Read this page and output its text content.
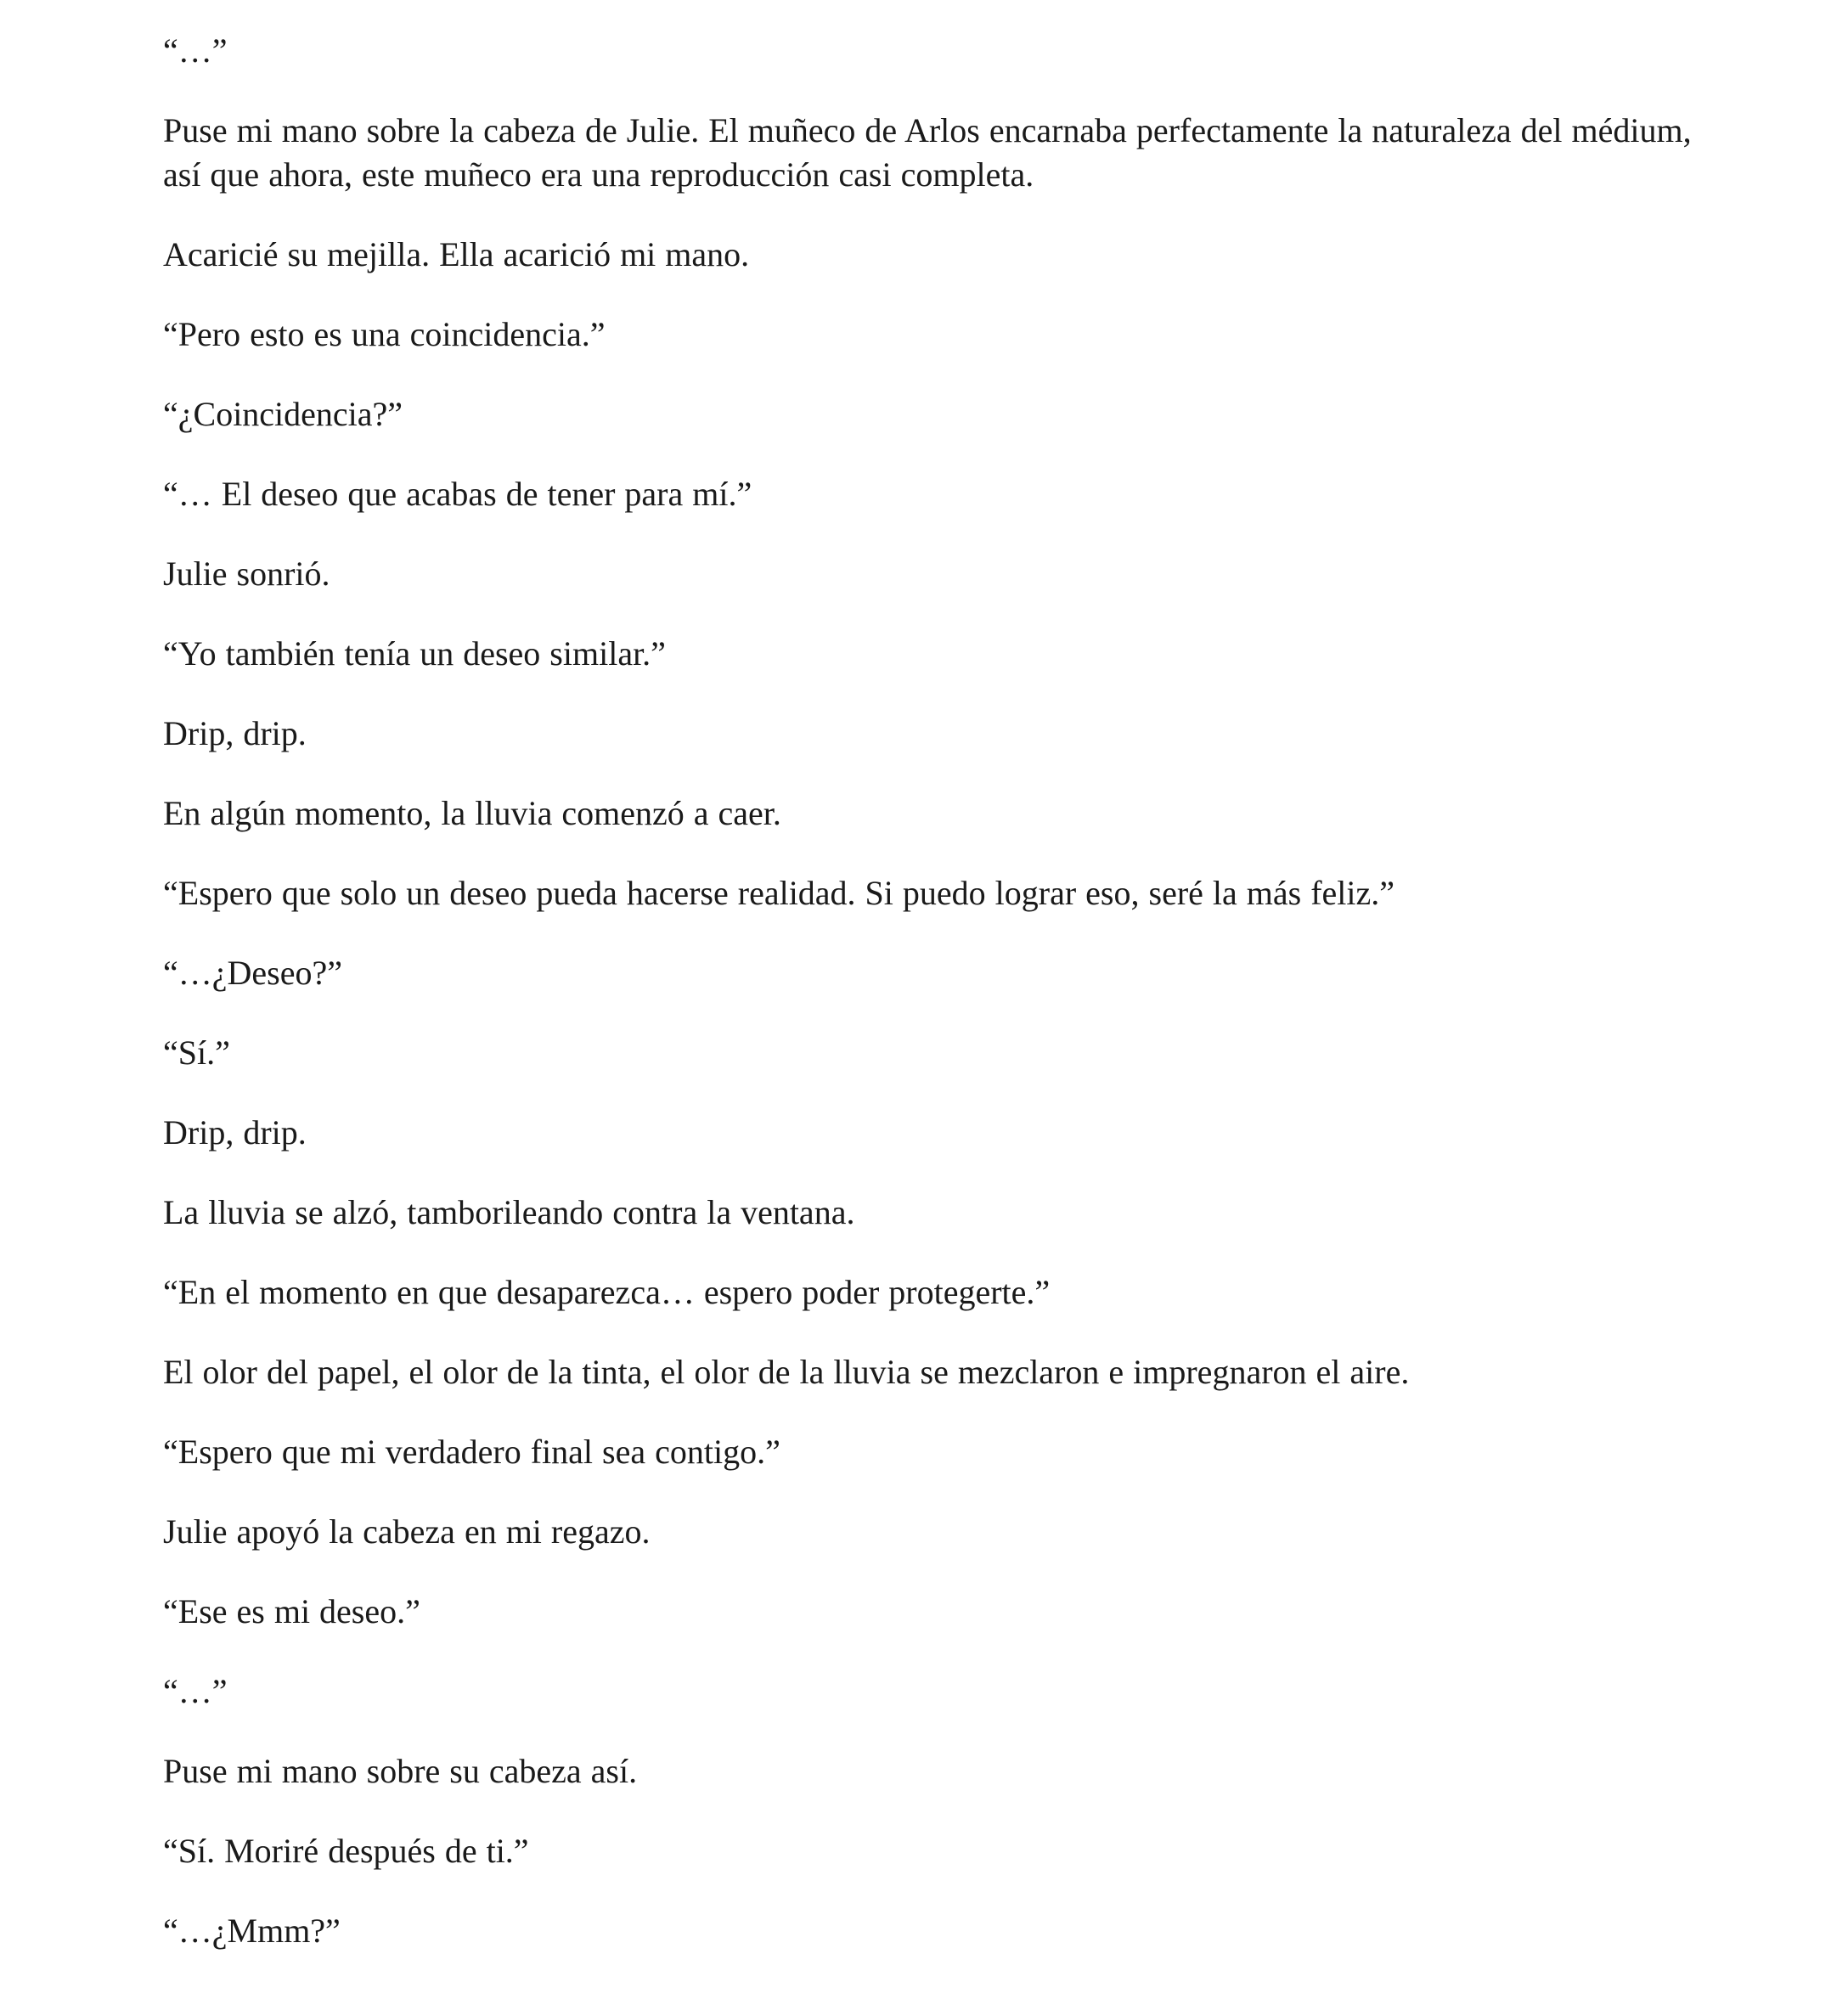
“…”

Puse mi mano sobre la cabeza de Julie. El muñeco de Arlos encarnaba perfectamente la naturaleza del médium, así que ahora, este muñeco era una reproducción casi completa.

Acaricié su mejilla. Ella acarició mi mano.

“Pero esto es una coincidencia.”

“¿Coincidencia?”

“… El deseo que acabas de tener para mí.”

Julie sonrió.

“Yo también tenía un deseo similar.”

Drip, drip.

En algún momento, la lluvia comenzó a caer.

“Espero que solo un deseo pueda hacerse realidad. Si puedo lograr eso, seré la más feliz.”

“…¿Deseo?”

“Sí.”

Drip, drip.

La lluvia se alzó, tamborileando contra la ventana.

“En el momento en que desaparezca… espero poder protegerte.”

El olor del papel, el olor de la tinta, el olor de la lluvia se mezclaron e impregnaron el aire.

“Espero que mi verdadero final sea contigo.”

Julie apoyó la cabeza en mi regazo.

“Ese es mi deseo.”

“…”

Puse mi mano sobre su cabeza así.

“Sí. Moriré después de ti.”

“…¿Mmm?”
